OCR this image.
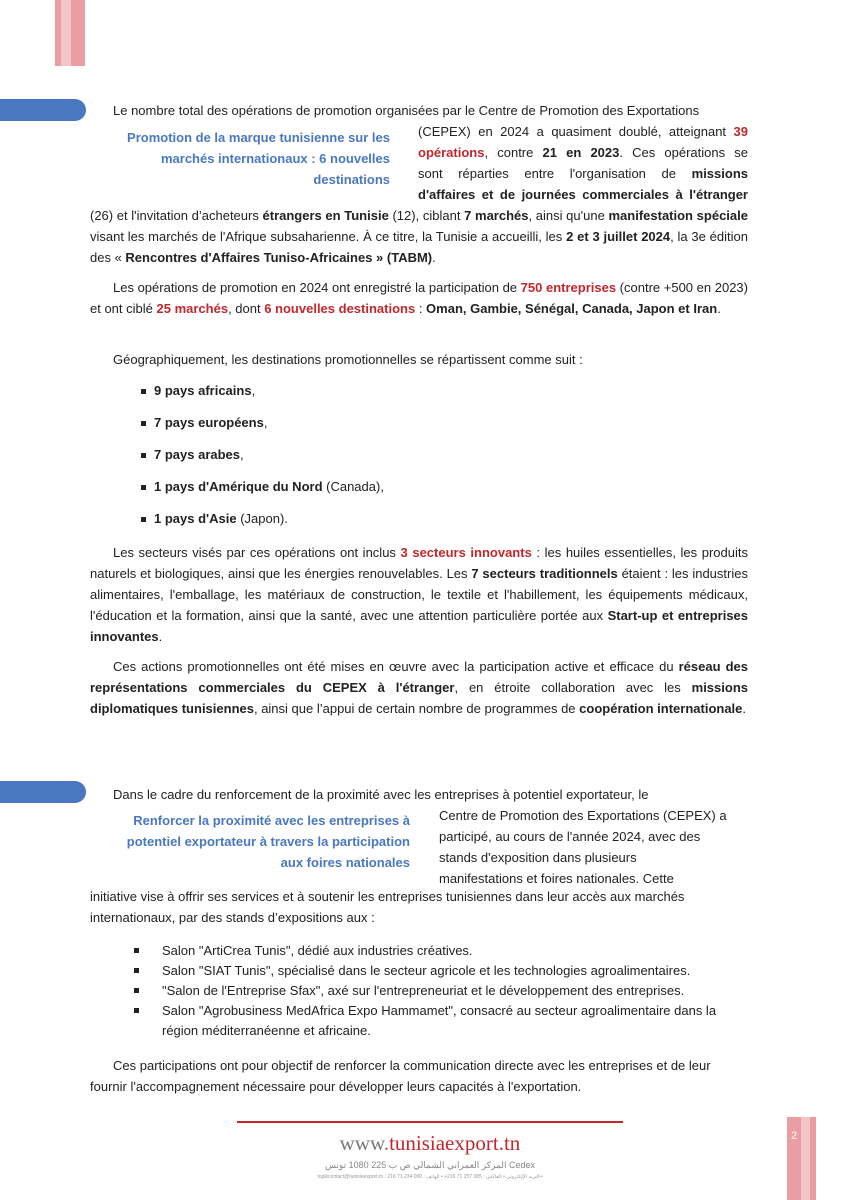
Le nombre total des opérations de promotion organisées par le Centre de Promotion des Exportations
Promotion de la marque tunisienne sur les marchés internationaux : 6 nouvelles destinations
(CEPEX) en 2024 a quasiment doublé, atteignant 39
opérations, contre 21 en 2023. Ces opérations se
sont réparties entre l'organisation de missions
d'affaires et de journées commerciales à l'étranger
(26) et l'invitation d’acheteurs étrangers en Tunisie (12), ciblant 7 marchés, ainsi qu'une manifestation spéciale visant les marchés de l'Afrique subsaharienne. À ce titre, la Tunisie a accueilli, les 2 et 3 juillet 2024, la 3e édition des « Rencontres d'Affaires Tuniso-Africaines » (TABM).
Les opérations de promotion en 2024 ont enregistré la participation de 750 entreprises (contre +500 en 2023) et ont ciblé 25 marchés, dont 6 nouvelles destinations : Oman, Gambie, Sénégal, Canada, Japon et Iran.
Géographiquement, les destinations promotionnelles se répartissent comme suit :
9 pays africains,
7 pays européens,
7 pays arabes,
1 pays d'Amérique du Nord (Canada),
1 pays d'Asie (Japon).
Les secteurs visés par ces opérations ont inclus 3 secteurs innovants : les huiles essentielles, les produits naturels et biologiques, ainsi que les énergies renouvelables. Les 7 secteurs traditionnels étaient : les industries alimentaires, l'emballage, les matériaux de construction, le textile et l'habillement, les équipements médicaux, l'éducation et la formation, ainsi que la santé, avec une attention particulière portée aux Start-up et entreprises innovantes.
Ces actions promotionnelles ont été mises en œuvre avec la participation active et efficace du réseau des représentations commerciales du CEPEX à l'étranger, en étroite collaboration avec les missions diplomatiques tunisiennes, ainsi que l’appui de certain nombre de programmes de coopération internationale.
Dans le cadre du renforcement de la proximité avec les entreprises à potentiel exportateur, le
Renforcer la proximité avec les entreprises à potentiel exportateur à travers la participation aux foires nationales
Centre de Promotion des Exportations (CEPEX) a
participé, au cours de l'année 2024, avec des
stands d'exposition dans plusieurs
manifestations et foires nationales. Cette
initiative vise à offrir ses services et à soutenir les entreprises tunisiennes dans leur accès aux marchés internationaux, par des stands d’expositions aux :
Salon "ArtiCrea Tunis", dédié aux industries créatives.
Salon "SIAT Tunis", spécialisé dans le secteur agricole et les technologies agroalimentaires.
"Salon de l'Entreprise Sfax", axé sur l'entrepreneuriat et le développement des entreprises.
Salon "Agrobusiness MedAfrica Expo Hammamet", consacré au secteur agroalimentaire dans la région méditerranéenne et africaine.
Ces participations ont pour objectif de renforcer la communication directe avec les entreprises et de leur fournir l'accompagnement nécessaire pour développer leurs capacités à l'exportation.
www.tunisiaexport.tn
المركز العمراني الشمالي ص ب 225 1080 تونس Cedex
topikcontact@tunisiaexport.tn : البريد الإلكتروني • الفاكس : 385 257 71 216+ • الهاتف : 000 234 71 216+
2
